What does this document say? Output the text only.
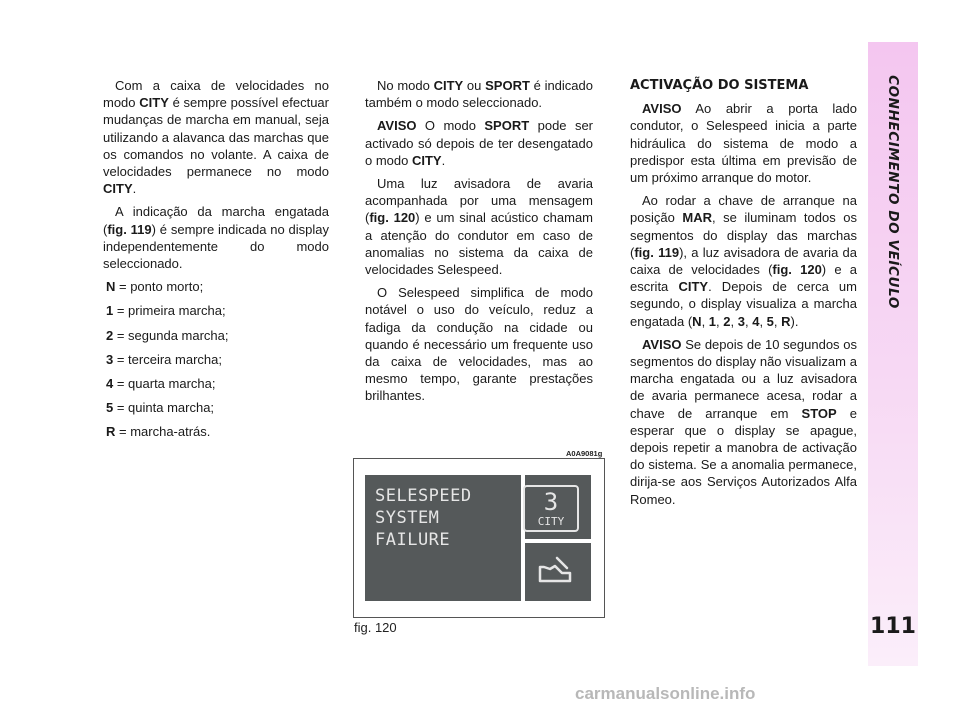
CONHECIMENTO DO VEÍCULO
111

Com a caixa de velocidades no modo CITY é sempre possível efectuar mudanças de marcha em manual, seja utilizando a alavanca das marchas que os comandos no volante. A caixa de velocidades permanece no modo CITY.

A indicação da marcha engatada (fig. 119) é sempre indicada no display independentemente do modo seleccionado.

N = ponto morto;

1 = primeira marcha;

2 = segunda marcha;

3 = terceira marcha;

4 = quarta marcha;

5 = quinta marcha;

R = marcha-atrás.

No modo CITY ou SPORT é indicado também o modo seleccionado.

AVISO O modo SPORT pode ser activado só depois de ter desengatado o modo CITY.

Uma luz avisadora de avaria acompanhada por uma mensagem (fig. 120) e um sinal acústico chamam a atenção do condutor em caso de anomalias no sistema da caixa de velocidades Selespeed.

O Selespeed simplifica de modo notável o uso do veículo, reduz a fadiga da condução na cidade ou quando é necessário um frequente uso da caixa de velocidades, mas ao mesmo tempo, garante prestações brilhantes.

ACTIVAÇÃO DO SISTEMA

AVISO Ao abrir a porta lado condutor, o Selespeed inicia a parte hidráulica do sistema de modo a predispor esta última em previsão de um próximo arranque do motor.

Ao rodar a chave de arranque na posição MAR, se iluminam todos os segmentos do display das marchas (fig. 119), a luz avisadora de avaria da caixa de velocidades (fig. 120) e a escrita CITY. Depois de cerca um segundo, o display visualiza a marcha engatada (N, 1, 2, 3, 4, 5, R).

AVISO Se depois de 10 segundos os segmentos do display não visualizam a marcha engatada ou a luz avisadora de avaria permanece acesa, rodar a chave de arranque em STOP e esperar que o display se apague, depois repetir a manobra de activação do sistema. Se a anomalia permanece, dirija-se aos Serviços Autorizados Alfa Romeo.

A0A9081g
SELESPEED
SYSTEM
FAILURE
3
CITY
fig. 120
carmanualsonline.info
